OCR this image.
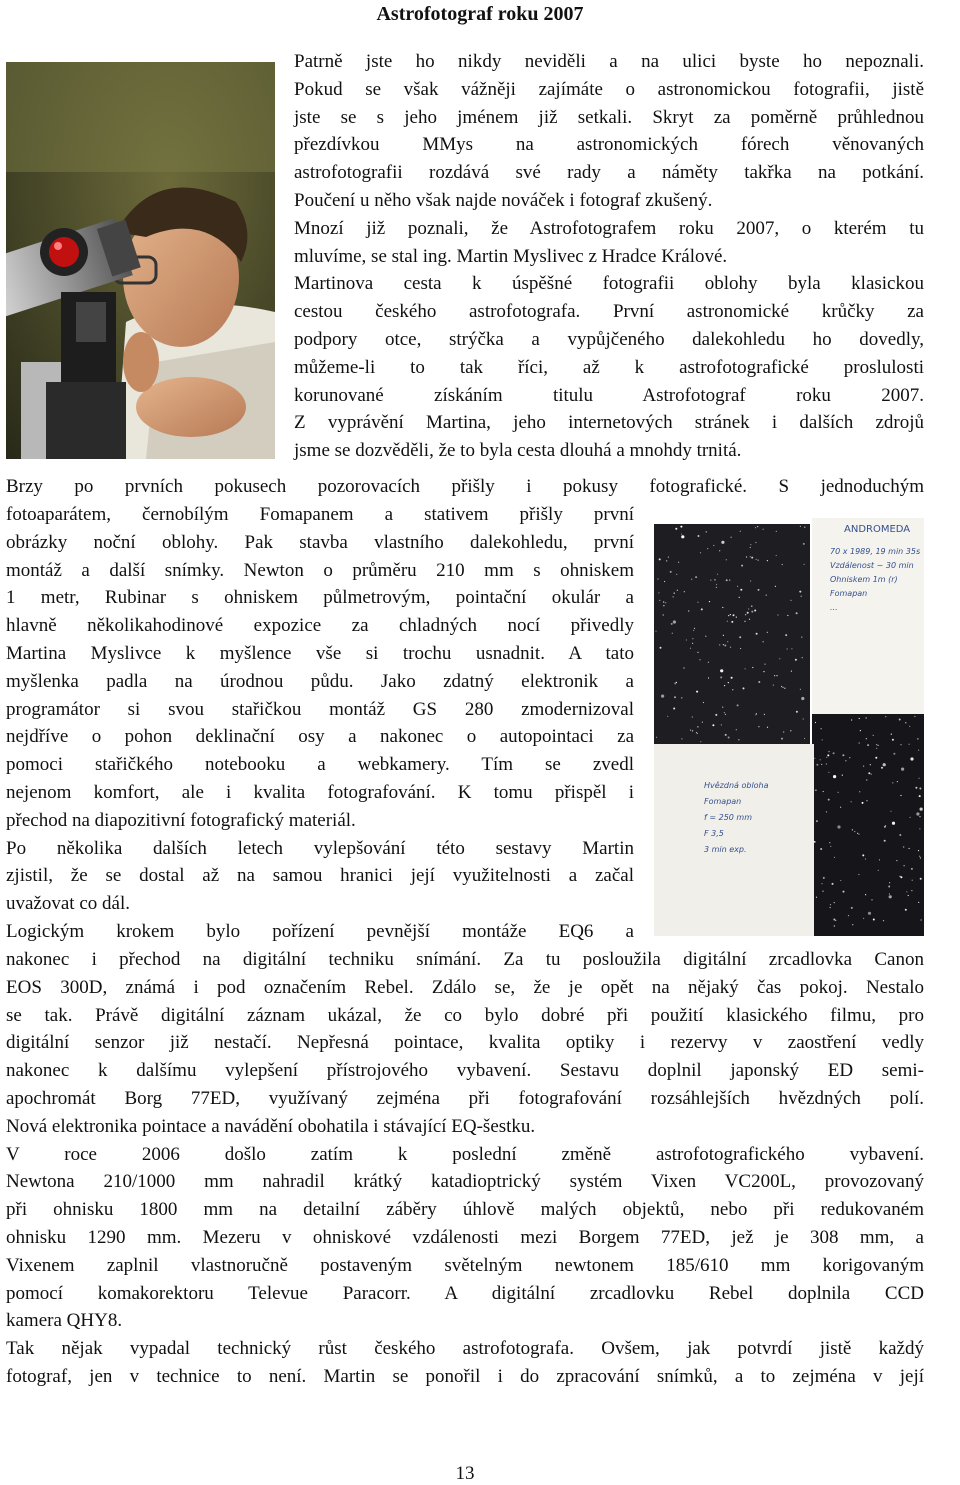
Astrofotograf roku 2007
Patrně jste ho nikdy neviděli a na ulici byste ho nepoznali.
Pokud se však vážněji zajímáte o astronomickou fotografii, jistě
jste se s jeho jménem již setkali. Skryt za poměrně průhlednou
přezdívkou MMys na astronomických fórech věnovaných
astrofotografii rozdává své rady a náměty takřka na potkání.
Poučení u něho však najde nováček i fotograf zkušený.
Mnozí již poznali, že Astrofotografem roku 2007, o kterém tu
mluvíme, se stal ing. Martin Myslivec z Hradce Králové.
Martinova cesta k úspěšné fotografii oblohy byla klasickou
cestou českého astrofotografa. První astronomické krůčky za
podpory otce, strýčka a vypůjčeného dalekohledu ho dovedly,
můžeme-li to tak říci, až k astrofotografické proslulosti
korunované získáním titulu Astrofotograf roku 2007.
Z vyprávění Martina, jeho internetových stránek i dalších zdrojů
jsme se dozvěděli, že to byla cesta dlouhá a mnohdy trnitá.
Brzy po prvních pokusech pozorovacích přišly i pokusy fotografické. S jednoduchým
fotoaparátem, černobílým Fomapanem a stativem přišly první
obrázky noční oblohy. Pak stavba vlastního dalekohledu, první
montáž a další snímky. Newton o průměru 210 mm s ohniskem
1 metr, Rubinar s ohniskem půlmetrovým, pointační okulár a
hlavně několikahodinové expozice za chladných nocí přivedly
Martina Myslivce k myšlence vše si trochu usnadnit. A tato
myšlenka padla na úrodnou půdu. Jako zdatný elektronik a
programátor si svou stařičkou montáž GS 280 zmodernizoval
nejdříve o pohon deklinační osy a nakonec o autopointaci za
pomoci stařičkého notebooku a webkamery. Tím se zvedl
nejenom komfort, ale i kvalita fotografování. K tomu přispěl i
přechod na diapozitivní fotografický materiál.
Po několika dalších letech vylepšování této sestavy Martin
zjistil, že se dostal až na samou hranici její využitelnosti a začal
uvažovat co dál.
Logickým krokem bylo pořízení pevnější montáže EQ6 a
ANDROMEDA
70 x 1989, 19 min 35s
Vzdálenost ~ 30 min
Ohniskem 1m (r)
Fomapan
...
Hvězdná obloha
Fomapan
f = 250 mm
F 3,5
3 min exp.
nakonec i přechod na digitální techniku snímání. Za tu posloužila digitální zrcadlovka Canon
EOS 300D, známá i pod označením Rebel. Zdálo se, že je opět na nějaký čas pokoj. Nestalo
se tak. Právě digitální záznam ukázal, že co bylo dobré při použití klasického filmu, pro
digitální senzor již nestačí. Nepřesná pointace, kvalita optiky i rezervy v zaostření vedly
nakonec k dalšímu vylepšení přístrojového vybavení. Sestavu doplnil japonský ED semi-
apochromát Borg 77ED, využívaný zejména při fotografování rozsáhlejších hvězdných polí.
Nová elektronika pointace a navádění obohatila i stávající EQ-šestku.
V roce 2006 došlo zatím k poslední změně astrofotografického vybavení.
Newtona 210/1000 mm nahradil krátký katadioptrický systém Vixen VC200L, provozovaný
při ohnisku 1800 mm na detailní záběry úhlově malých objektů, nebo při redukovaném
ohnisku 1290 mm. Mezeru v ohniskové vzdálenosti mezi Borgem 77ED, jež je 308 mm, a
Vixenem zaplnil vlastnoručně postaveným světelným newtonem 185/610 mm korigovaným
pomocí komakorektoru Televue Paracorr. A digitální zrcadlovku Rebel doplnila CCD
kamera QHY8.
Tak nějak vypadal technický růst českého astrofotografa. Ovšem, jak potvrdí jistě každý
fotograf, jen v technice to není. Martin se ponořil i do zpracování snímků, a to zejména v její
13
